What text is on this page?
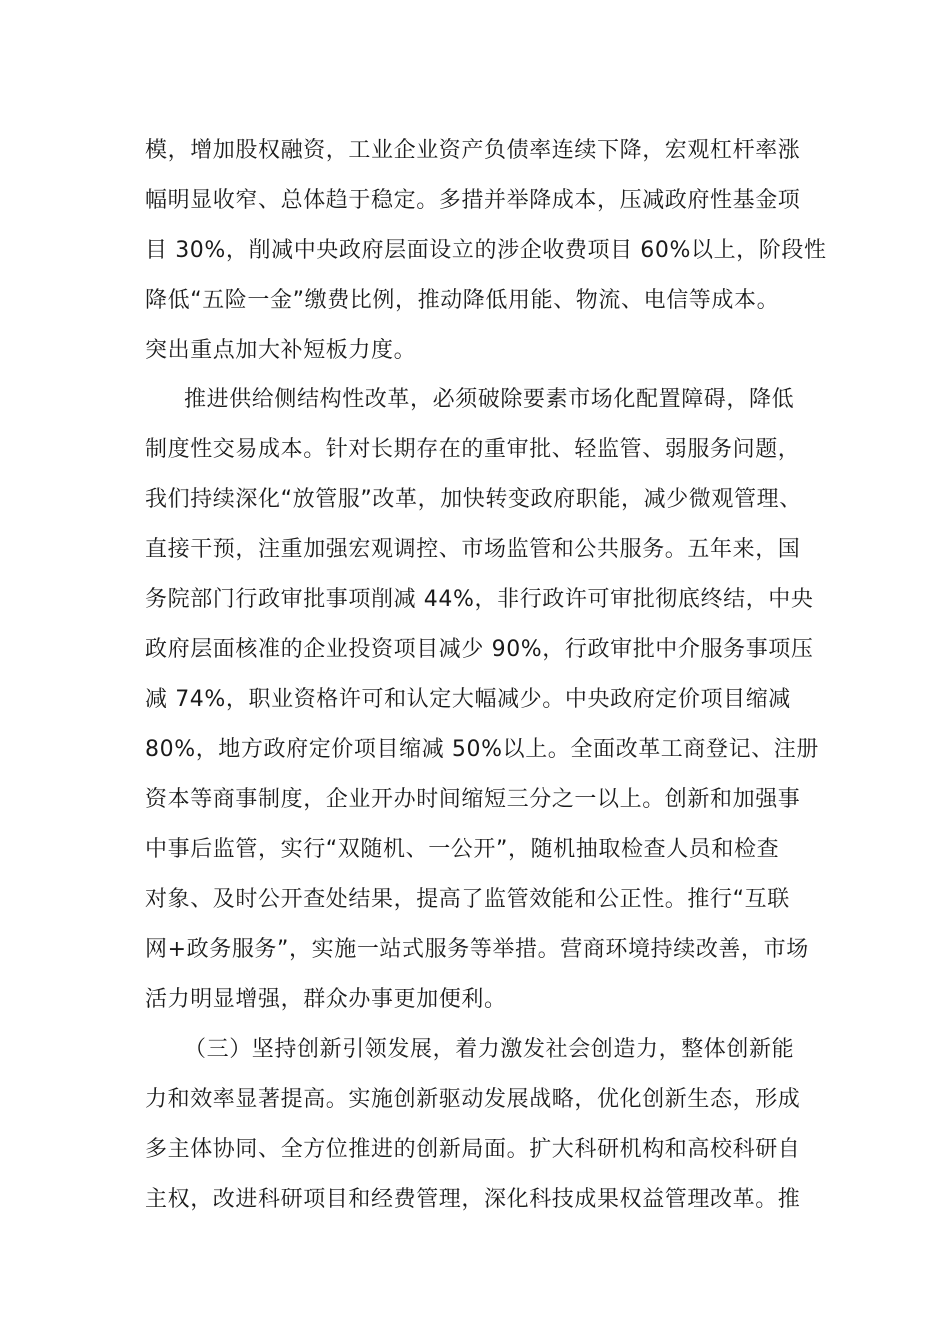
模，增加股权融资，工业企业资产负债率连续下降，宏观杠杆率涨
幅明显收窄、总体趋于稳定。多措并举降成本，压减政府性基金项
目 30%，削减中央政府层面设立的涉企收费项目 60%以上，阶段性
降低“五险一金”缴费比例，推动降低用能、物流、电信等成本。
突出重点加大补短板力度。
推进供给侧结构性改革，必须破除要素市场化配置障碍，降低
制度性交易成本。针对长期存在的重审批、轻监管、弱服务问题，
我们持续深化“放管服”改革，加快转变政府职能，减少微观管理、
直接干预，注重加强宏观调控、市场监管和公共服务。五年来，国
务院部门行政审批事项削减 44%，非行政许可审批彻底终结，中央
政府层面核准的企业投资项目减少 90%，行政审批中介服务事项压
减 74%，职业资格许可和认定大幅减少。中央政府定价项目缩减
80%，地方政府定价项目缩减 50%以上。全面改革工商登记、注册
资本等商事制度，企业开办时间缩短三分之一以上。创新和加强事
中事后监管，实行“双随机、一公开”，随机抽取检查人员和检查
对象、及时公开查处结果，提高了监管效能和公正性。推行“互联
网+政务服务”，实施一站式服务等举措。营商环境持续改善，市场
活力明显增强，群众办事更加便利。
（三）坚持创新引领发展，着力激发社会创造力，整体创新能
力和效率显著提高。实施创新驱动发展战略，优化创新生态，形成
多主体协同、全方位推进的创新局面。扩大科研机构和高校科研自
主权，改进科研项目和经费管理，深化科技成果权益管理改革。推
